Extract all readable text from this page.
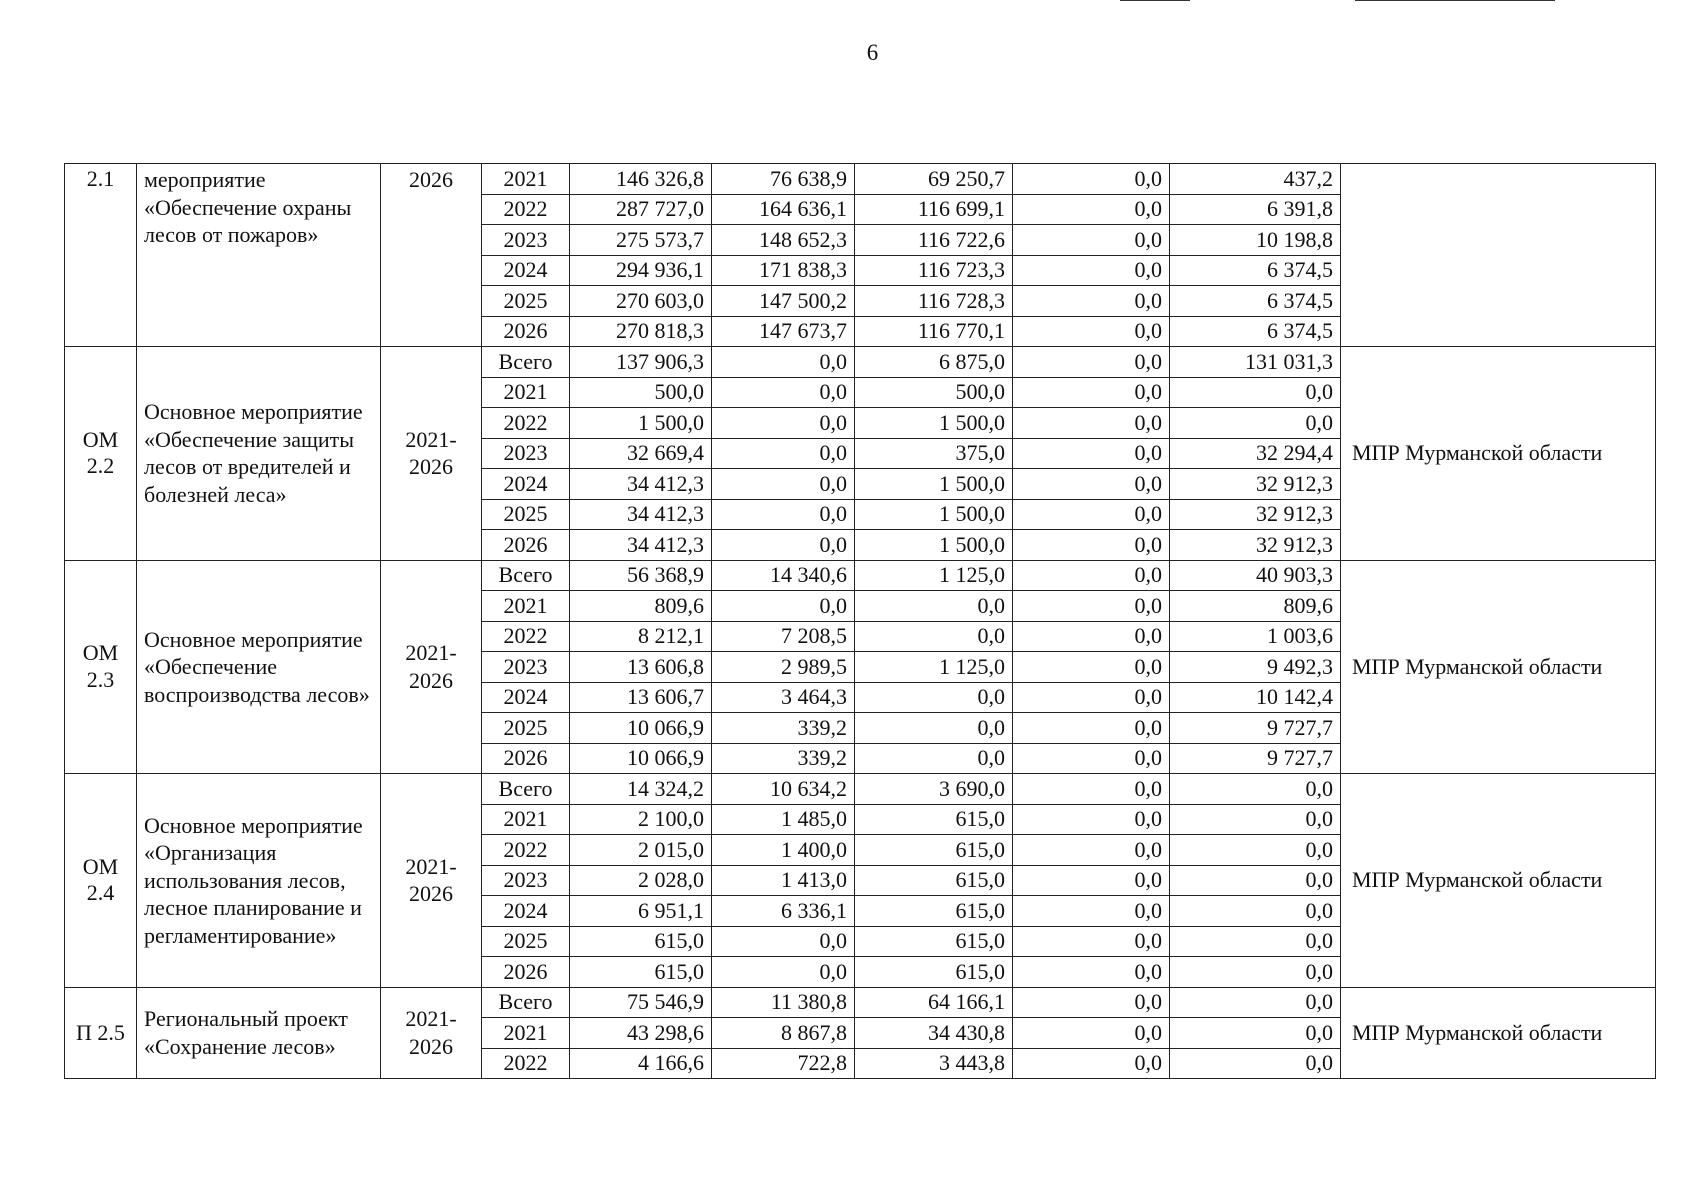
6
2.1	мероприятие «Обеспечение охраны лесов от пожаров»	2026	2021	146 326,8	76 638,9	69 250,7	0,0	437,2	
			2022	287 727,0	164 636,1	116 699,1	0,0	6 391,8	
			2023	275 573,7	148 652,3	116 722,6	0,0	10 198,8	
			2024	294 936,1	171 838,3	116 723,3	0,0	6 374,5	
			2025	270 603,0	147 500,2	116 728,3	0,0	6 374,5	
			2026	270 818,3	147 673,7	116 770,1	0,0	6 374,5	
ОМ 2.2	Основное мероприятие «Обеспечение защиты лесов от вредителей и болезней леса»	2021-2026	Всего	137 906,3	0,0	6 875,0	0,0	131 031,3	МПР Мурманской области
			2021	500,0	0,0	500,0	0,0	0,0	
			2022	1 500,0	0,0	1 500,0	0,0	0,0	
			2023	32 669,4	0,0	375,0	0,0	32 294,4	
			2024	34 412,3	0,0	1 500,0	0,0	32 912,3	
			2025	34 412,3	0,0	1 500,0	0,0	32 912,3	
			2026	34 412,3	0,0	1 500,0	0,0	32 912,3	
ОМ 2.3	Основное мероприятие «Обеспечение воспроизводства лесов»	2021-2026	Всего	56 368,9	14 340,6	1 125,0	0,0	40 903,3	МПР Мурманской области
			2021	809,6	0,0	0,0	0,0	809,6	
			2022	8 212,1	7 208,5	0,0	0,0	1 003,6	
			2023	13 606,8	2 989,5	1 125,0	0,0	9 492,3	
			2024	13 606,7	3 464,3	0,0	0,0	10 142,4	
			2025	10 066,9	339,2	0,0	0,0	9 727,7	
			2026	10 066,9	339,2	0,0	0,0	9 727,7	
ОМ 2.4	Основное мероприятие «Организация использования лесов, лесное планирование и регламентирование»	2021-2026	Всего	14 324,2	10 634,2	3 690,0	0,0	0,0	МПР Мурманской области
			2021	2 100,0	1 485,0	615,0	0,0	0,0	
			2022	2 015,0	1 400,0	615,0	0,0	0,0	
			2023	2 028,0	1 413,0	615,0	0,0	0,0	
			2024	6 951,1	6 336,1	615,0	0,0	0,0	
			2025	615,0	0,0	615,0	0,0	0,0	
			2026	615,0	0,0	615,0	0,0	0,0	
П 2.5	Региональный проект «Сохранение лесов»	2021-2026	Всего	75 546,9	11 380,8	64 166,1	0,0	0,0	МПР Мурманской области
			2021	43 298,6	8 867,8	34 430,8	0,0	0,0	
			2022	4 166,6	722,8	3 443,8	0,0	0,0	
